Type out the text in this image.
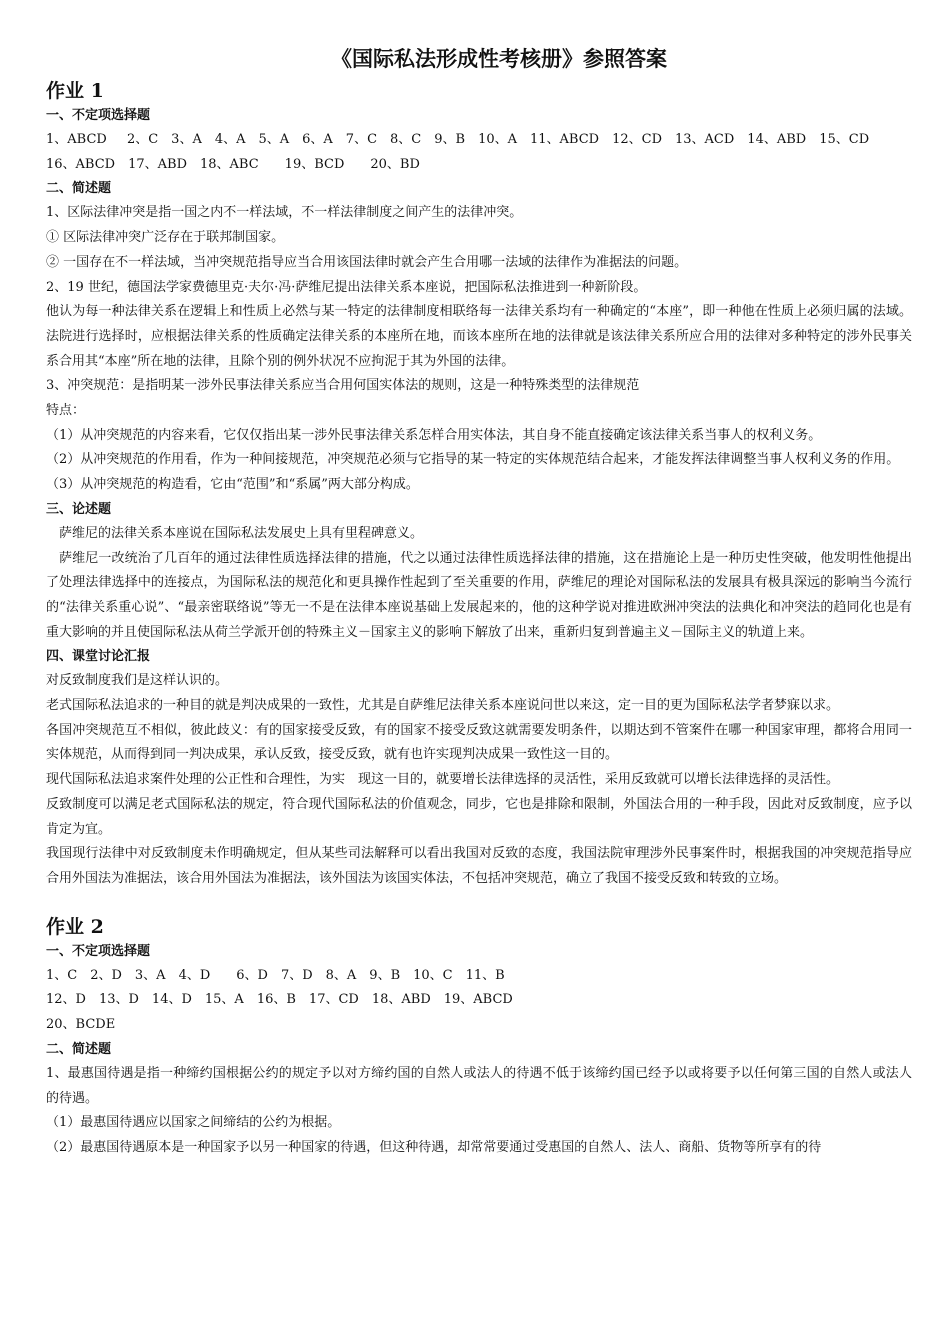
《国际私法形成性考核册》参照答案
作业 1
一、不定项选择题
1、ABCD　 2、C　3、A　4、A　5、A　6、A　7、C　8、C　9、B　10、A　11、ABCD　12、CD　13、ACD　14、ABD　15、CD
16、ABCD　17、ABD　18、ABC　　19、BCD　　20、BD
二、简述题
1、区际法律冲突是指一国之内不一样法域，不一样法律制度之间产生的法律冲突。
① 区际法律冲突广泛存在于联邦制国家。
② 一国存在不一样法域，当冲突规范指导应当合用该国法律时就会产生合用哪一法域的法律作为准据法的问题。
2、19 世纪，德国法学家费德里克·夫尔·冯·萨维尼提出法律关系本座说，把国际私法推进到一种新阶段。
他认为每一种法律关系在逻辑上和性质上必然与某一特定的法律制度相联络每一法律关系均有一种确定的“本座”，即一种他在性质上必须归属的法域。法院进行选择时，应根据法律关系的性质确定法律关系的本座所在地，而该本座所在地的法律就是该法律关系所应合用的法律对多种特定的涉外民事关系合用其“本座”所在地的法律，且除个别的例外状况不应拘泥于其为外国的法律。
3、冲突规范：是指明某一涉外民事法律关系应当合用何国实体法的规则，这是一种特殊类型的法律规范
特点：
（1）从冲突规范的内容来看，它仅仅指出某一涉外民事法律关系怎样合用实体法，其自身不能直接确定该法律关系当事人的权利义务。
（2）从冲突规范的作用看，作为一种间接规范，冲突规范必须与它指导的某一特定的实体规范结合起来，才能发挥法律调整当事人权利义务的作用。
（3）从冲突规范的构造看，它由“范围”和“系属”两大部分构成。
三、论述题
萨维尼的法律关系本座说在国际私法发展史上具有里程碑意义。
萨维尼一改统治了几百年的通过法律性质选择法律的措施，代之以通过法律性质选择法律的措施，这在措施论上是一种历史性突破，他发明性他提出了处理法律选择中的连接点，为国际私法的规范化和更具操作性起到了至关重要的作用，萨维尼的理论对国际私法的发展具有极具深远的影响当今流行的“法律关系重心说”、“最亲密联络说”等无一不是在法律本座说基础上发展起来的，他的这种学说对推进欧洲冲突法的法典化和冲突法的趋同化也是有重大影响的并且使国际私法从荷兰学派开创的特殊主义－国家主义的影响下解放了出来，重新归复到普遍主义－国际主义的轨道上来。
四、课堂讨论汇报
对反致制度我们是这样认识的。
老式国际私法追求的一种目的就是判决成果的一致性，尤其是自萨维尼法律关系本座说问世以来这，定一目的更为国际私法学者梦寐以求。
各国冲突规范互不相似，彼此歧义：有的国家接受反致，有的国家不接受反致这就需要发明条件，以期达到不管案件在哪一种国家审理，都将合用同一实体规范，从而得到同一判决成果，承认反致，接受反致，就有也许实现判决成果一致性这一目的。
现代国际私法追求案件处理的公正性和合理性，为实　现这一目的，就要增长法律选择的灵活性，采用反致就可以增长法律选择的灵活性。
反致制度可以满足老式国际私法的规定，符合现代国际私法的价值观念，同步，它也是排除和限制，外国法合用的一种手段，因此对反致制度，应予以肯定为宜。
我国现行法律中对反致制度未作明确规定，但从某些司法解释可以看出我国对反致的态度，我国法院审理涉外民事案件时，根据我国的冲突规范指导应合用外国法为准据法，该合用外国法为准据法，该外国法为该国实体法，不包括冲突规范，确立了我国不接受反致和转致的立场。
作业 2
一、不定项选择题
1、C　2、D　3、A　4、D　　6、D　7、D　8、A　9、B　10、C　11、B
12、D　13、D　14、D　15、A　16、B　17、CD　18、ABD　19、ABCD
20、BCDE
二、简述题
1、最惠国待遇是指一种缔约国根据公约的规定予以对方缔约国的自然人或法人的待遇不低于该缔约国已经予以或将要予以任何第三国的自然人或法人的待遇。
（1）最惠国待遇应以国家之间缔结的公约为根据。
（2）最惠国待遇原本是一种国家予以另一种国家的待遇，但这种待遇，却常常要通过受惠国的自然人、法人、商船、货物等所享有的待
